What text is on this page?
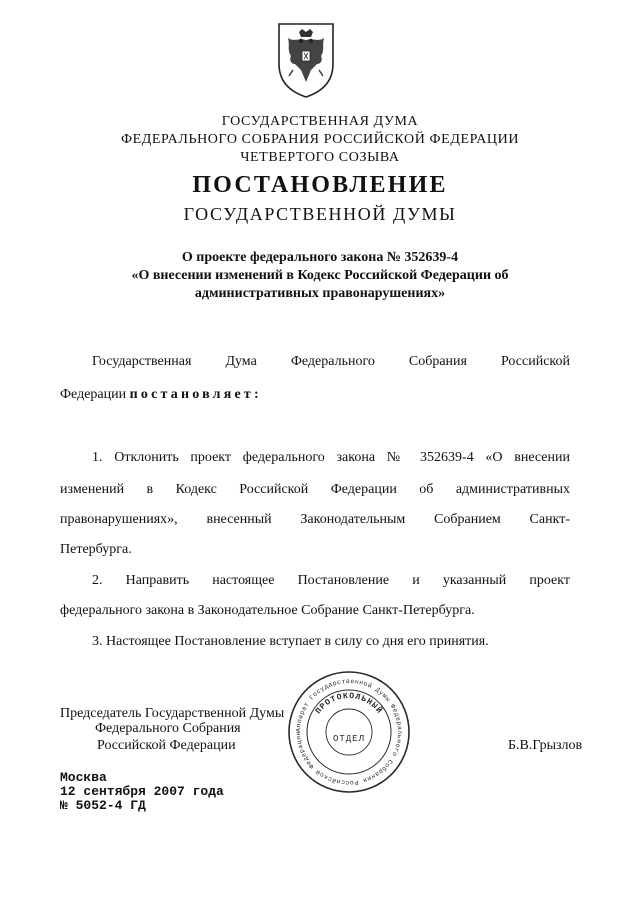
ГОСУДАРСТВЕННАЯ ДУМА
ФЕДЕРАЛЬНОГО СОБРАНИЯ РОССИЙСКОЙ ФЕДЕРАЦИИ
ЧЕТВЕРТОГО СОЗЫВА
ПОСТАНОВЛЕНИЕ
ГОСУДАРСТВЕННОЙ ДУМЫ
О проекте федерального закона № 352639-4
«О внесении изменений в Кодекс Российской Федерации об
административных правонарушениях»
Государственная Дума Федерального Собрания Российской
Федерации постановляет:
1. Отклонить проект федерального закона № 352639-4 «О внесении
изменений в Кодекс Российской Федерации об административных
правонарушениях», внесенный Законодательным Собранием Санкт-
Петербурга.
2. Направить настоящее Постановление и указанный проект
федерального закона в Законодательное Собрание Санкт-Петербурга.
3. Настоящее Постановление вступает в силу со дня его принятия.
Председатель Государственной Думы
Федерального Собрания
Российской Федерации	Б.В.Грызлов
Аппарат Государственной Думы Федерального Собрания Российской Федерации
ПРОТОКОЛЬНЫЙ
ОТДЕЛ
Москва
12 сентября 2007 года
№ 5052-4 ГД
